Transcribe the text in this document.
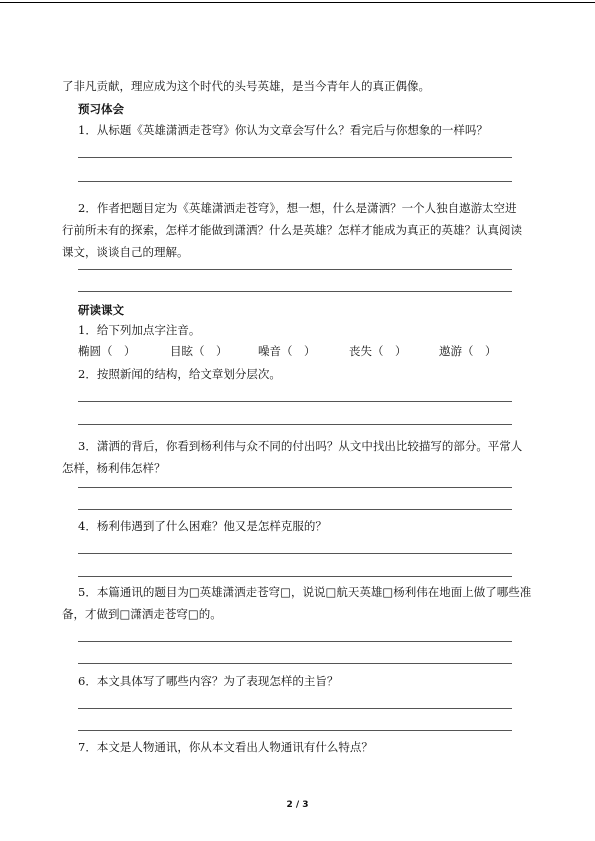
了非凡贡献，理应成为这个时代的头号英雄，是当今青年人的真正偶像。

预习体会

1．从标题《英雄潇洒走苍穹》你认为文章会写什么？看完后与你想象的一样吗？

2．作者把题目定为《英雄潇洒走苍穹》，想一想，什么是潇洒？一个人独自遨游太空进

行前所未有的探索，怎样才能做到潇洒？什么是英雄？怎样才能成为真正的英雄？认真阅读

课文，谈谈自己的理解。

研读课文

1．给下列加点字注音。

椭圆（　）	目眩（　）	噪音（　）	丧失（　）	遨游（　）

2．按照新闻的结构，给文章划分层次。

3．潇洒的背后，你看到杨利伟与众不同的付出吗？从文中找出比较描写的部分。平常人

怎样，杨利伟怎样？

4．杨利伟遇到了什么困难？他又是怎样克服的？

5．本篇通讯的题目为□英雄潇洒走苍穹□，说说□航天英雄□杨利伟在地面上做了哪些准

备，才做到□潇洒走苍穹□的。

6．本文具体写了哪些内容？为了表现怎样的主旨？

7．本文是人物通讯，你从本文看出人物通讯有什么特点？

2 / 3
